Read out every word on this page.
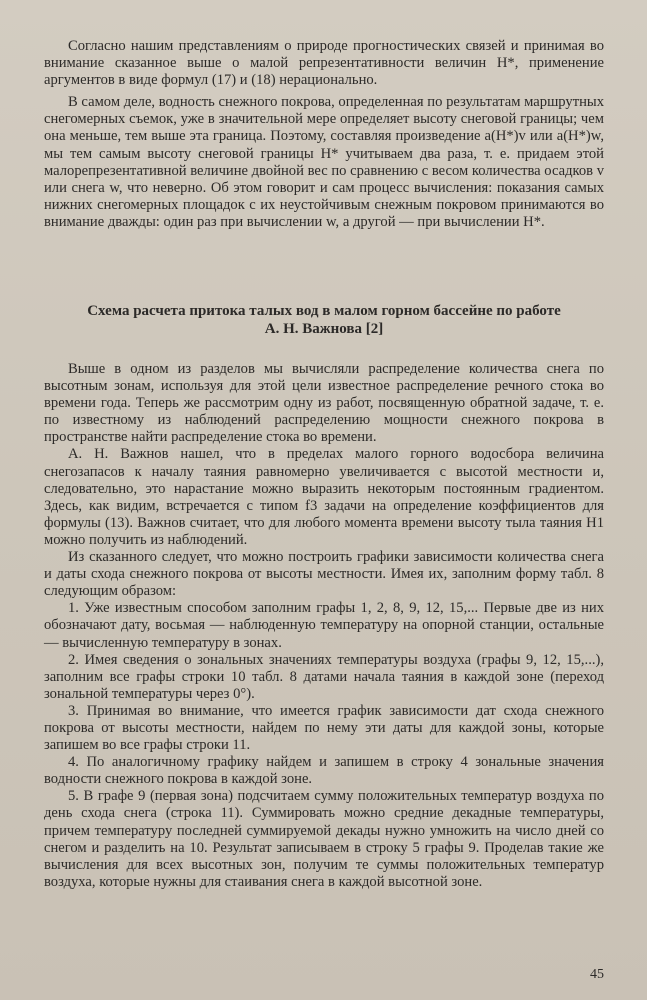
Согласно нашим представлениям о природе прогностических связей и принимая во внимание сказанное выше о малой репрезентативности величин H*, применение аргументов в виде формул (17) и (18) нерационально.

В самом деле, водность снежного покрова, определенная по результатам маршрутных снегомерных съемок, уже в значительной мере определяет высоту снеговой границы; чем она меньше, тем выше эта граница. Поэтому, составляя произведение a(H*)v или a(H*)w, мы тем самым высоту снеговой границы H* учитываем два раза, т. е. придаем этой малорепрезентативной величине двойной вес по сравнению с весом количества осадков v или снега w, что неверно. Об этом говорит и сам процесс вычисления: показания самых нижних снегомерных площадок с их неустойчивым снежным покровом принимаются во внимание дважды: один раз при вычислении w, а другой — при вычислении H*.

Схема расчета притока талых вод в малом горном бассейне по работе
А. Н. Важнова [2]

Выше в одном из разделов мы вычисляли распределение количества снега по высотным зонам, используя для этой цели известное распределение речного стока во времени года. Теперь же рассмотрим одну из работ, посвященную обратной задаче, т. е. по известному из наблюдений распределению мощности снежного покрова в пространстве найти распределение стока во времени.

А. Н. Важнов нашел, что в пределах малого горного водосбора величина снегозапасов к началу таяния равномерно увеличивается с высотой местности и, следовательно, это нарастание можно выразить некоторым постоянным градиентом. Здесь, как видим, встречается с типом f3 задачи на определение коэффициентов для формулы (13). Важнов считает, что для любого момента времени высоту тыла таяния H1 можно получить из наблюдений.

Из сказанного следует, что можно построить графики зависимости количества снега и даты схода снежного покрова от высоты местности. Имея их, заполним форму табл. 8 следующим образом:

1. Уже известным способом заполним графы 1, 2, 8, 9, 12, 15,... Первые две из них обозначают дату, восьмая — наблюденную температуру на опорной станции, остальные — вычисленную температуру в зонах.

2. Имея сведения о зональных значениях температуры воздуха (графы 9, 12, 15,...), заполним все графы строки 10 табл. 8 датами начала таяния в каждой зоне (переход зональной температуры через 0°).

3. Принимая во внимание, что имеется график зависимости дат схода снежного покрова от высоты местности, найдем по нему эти даты для каждой зоны, которые запишем во все графы строки 11.

4. По аналогичному графику найдем и запишем в строку 4 зональные значения водности снежного покрова в каждой зоне.

5. В графе 9 (первая зона) подсчитаем сумму положительных температур воздуха по день схода снега (строка 11). Суммировать можно средние декадные температуры, причем температуру последней суммируемой декады нужно умножить на число дней со снегом и разделить на 10. Результат записываем в строку 5 графы 9. Проделав такие же вычисления для всех высотных зон, получим те суммы положительных температур воздуха, которые нужны для стаивания снега в каждой высотной зоне.

45
